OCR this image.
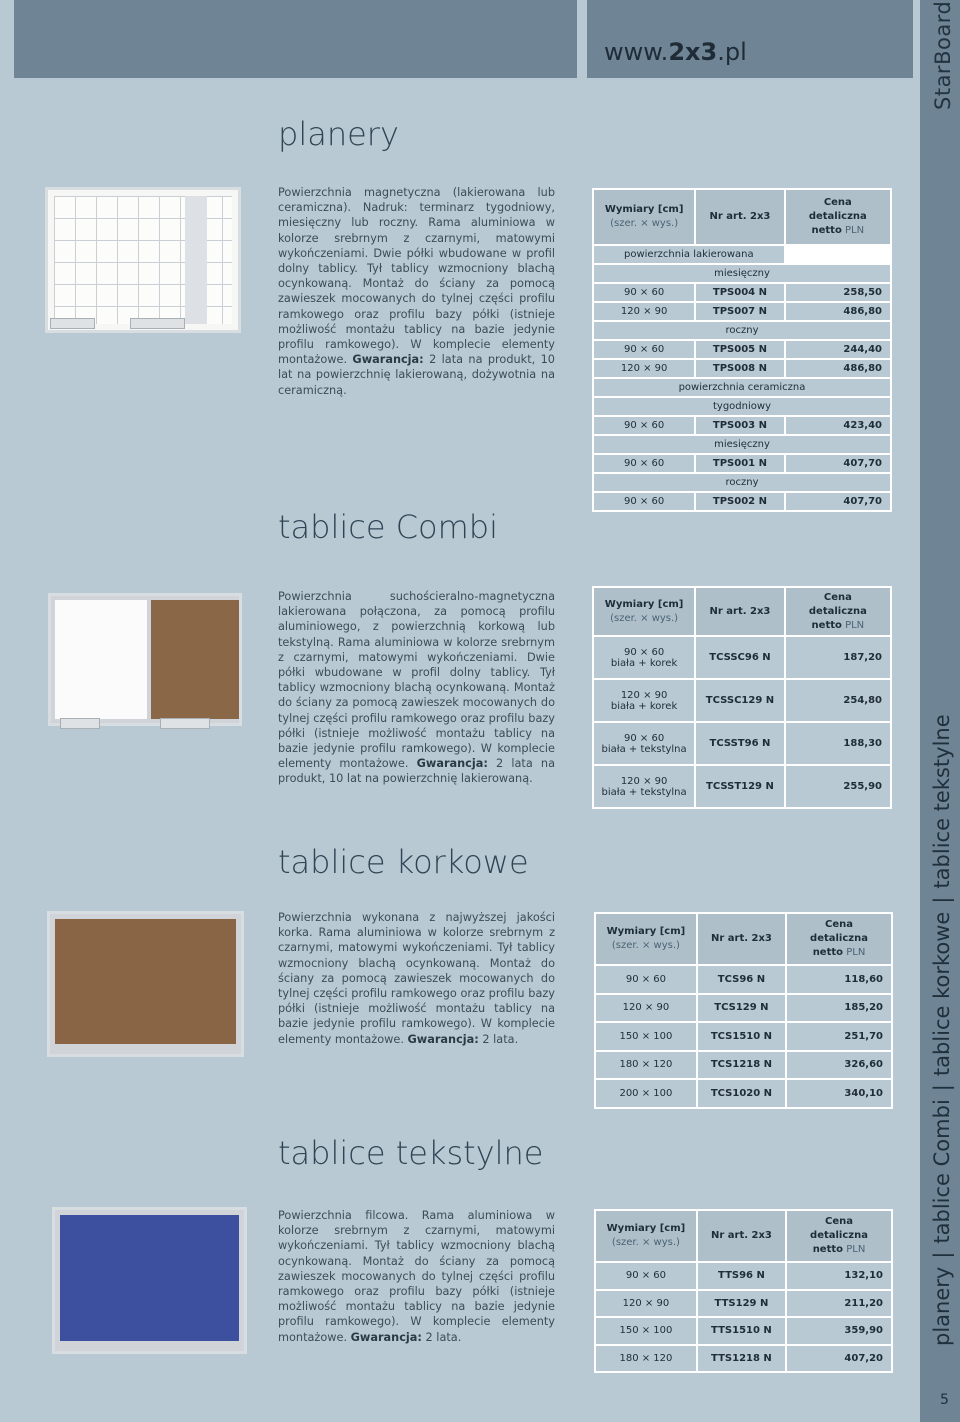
www.2x3.pl	StarBoard
planery|tablice Combi|tablice korkowe|tablice tekstylne
5
planery
Powierzchnia magnetyczna (lakierowana lub ceramiczna). Nadruk: terminarz tygodniowy, miesięczny lub roczny. Rama aluminiowa w kolorze srebrnym z czarnymi, matowymi wykończeniami. Dwie półki wbudowane w profil dolny tablicy. Tył tablicy wzmocniony blachą ocynkowaną. Montaż do ściany za pomocą zawieszek mocowanych do tylnej części profilu ramkowego oraz profilu bazy półki (istnieje możliwość montażu tablicy na bazie jedynie profilu ramkowego). W komplecie elementy montażowe. Gwarancja: 2 lata na produkt, 10 lat na powierzchnię lakierowaną, dożywotnia na ceramiczną.
Wymiary [cm]
(szer. × wys.)	Nr art. 2x3	Cena
detaliczna
netto PLN
powierzchnia lakierowana		
miesięczny		
90 × 60	TPS004 N	258,50
120 × 90	TPS007 N	486,80
roczny		
90 × 60	TPS005 N	244,40
120 × 90	TPS008 N	486,80
powierzchnia ceramiczna		
tygodniowy		
90 × 60	TPS003 N	423,40
miesięczny		
90 × 60	TPS001 N	407,70
roczny		
90 × 60	TPS002 N	407,70
tablice Combi
Powierzchnia suchościeralno-magnetyczna lakierowana połączona, za pomocą profilu aluminiowego, z powierzchnią korkową lub tekstylną. Rama aluminiowa w kolorze srebrnym z czarnymi, matowymi wykończeniami. Dwie półki wbudowane w profil dolny tablicy. Tył tablicy wzmocniony blachą ocynkowaną. Montaż do ściany za pomocą zawieszek mocowanych do tylnej części profilu ramkowego oraz profilu bazy półki (istnieje możliwość montażu tablicy na bazie jedynie profilu ramkowego). W komplecie elementy montażowe. Gwarancja: 2 lata na produkt, 10 lat na powierzchnię lakierowaną.
Wymiary [cm]
(szer. × wys.)	Nr art. 2x3	Cena
detaliczna
netto PLN
90 × 60
biała + korek	TCSSC96 N	187,20
120 × 90
biała + korek	TCSSC129 N	254,80
90 × 60
biała + tekstylna	TCSST96 N	188,30
120 × 90
biała + tekstylna	TCSST129 N	255,90
tablice korkowe
Powierzchnia wykonana z najwyższej jakości korka. Rama aluminiowa w kolorze srebrnym z czarnymi, matowymi wykończeniami. Tył tablicy wzmocniony blachą ocynkowaną. Montaż do ściany za pomocą zawieszek mocowanych do tylnej części profilu ramkowego oraz profilu bazy półki (istnieje możliwość montażu tablicy na bazie jedynie profilu ramkowego). W komplecie elementy montażowe. Gwarancja: 2 lata.
Wymiary [cm]
(szer. × wys.)	Nr art. 2x3	Cena
detaliczna
netto PLN
90 × 60	TCS96 N	118,60
120 × 90	TCS129 N	185,20
150 × 100	TCS1510 N	251,70
180 × 120	TCS1218 N	326,60
200 × 100	TCS1020 N	340,10
tablice tekstylne
Powierzchnia filcowa. Rama aluminiowa w kolorze srebrnym z czarnymi, matowymi wykończeniami. Tył tablicy wzmocniony blachą ocynkowaną. Montaż do ściany za pomocą zawieszek mocowanych do tylnej części profilu ramkowego oraz profilu bazy półki (istnieje możliwość montażu tablicy na bazie jedynie profilu ramkowego). W komplecie elementy montażowe. Gwarancja: 2 lata.
Wymiary [cm]
(szer. × wys.)	Nr art. 2x3	Cena
detaliczna
netto PLN
90 × 60	TTS96 N	132,10
120 × 90	TTS129 N	211,20
150 × 100	TTS1510 N	359,90
180 × 120	TTS1218 N	407,20
